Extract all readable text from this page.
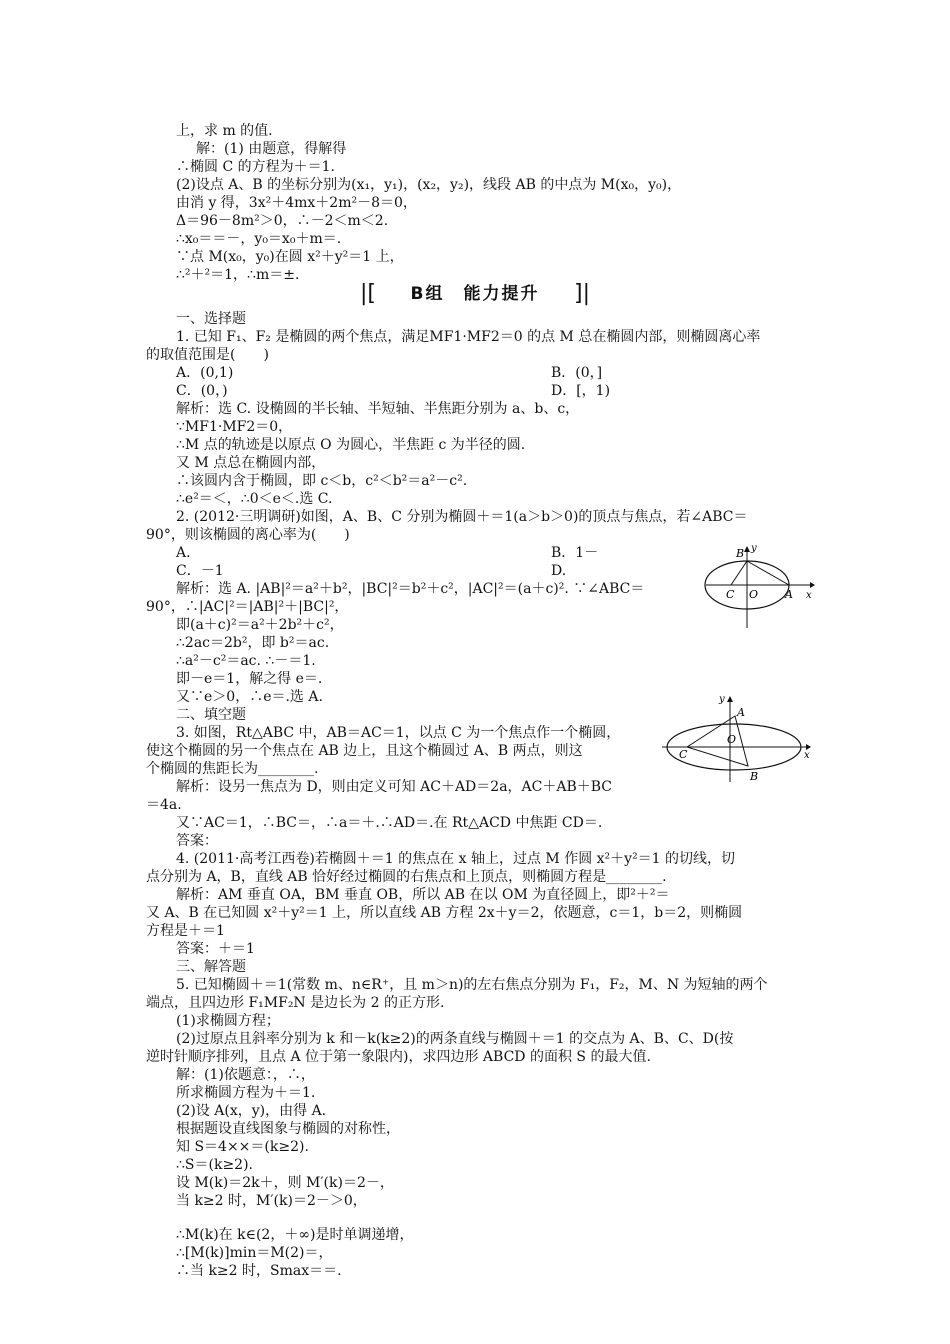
上，求 m 的值.
解：(1) 由题意，得解得
∴椭圆 C 的方程为＋＝1.
(2)设点 A、B 的坐标分别为(x₁，y₁)，(x₂，y₂)，线段 AB 的中点为 M(x₀，y₀)，
由消 y 得，3x²＋4mx＋2m²－8＝0，
Δ＝96－8m²＞0，∴－2＜m＜2.
∴x₀＝＝－，y₀＝x₀＋m＝.
∵点 M(x₀，y₀)在圆 x²＋y²＝1 上，
∴²＋²＝1，∴m＝±.
|[ B组　能力提升 ]|
一、选择题
1. 已知 F₁、F₂ 是椭圆的两个焦点，满足MF1·MF2＝0 的点 M 总在椭圆内部，则椭圆离心率
的取值范围是(　　)
A．(0,1)	B．(0，]
C．(0，)	D．[，1)
解析：选 C. 设椭圆的半长轴、半短轴、半焦距分别为 a、b、c，
∵MF1·MF2＝0，
∴M 点的轨迹是以原点 O 为圆心，半焦距 c 为半径的圆.
又 M 点总在椭圆内部，
∴该圆内含于椭圆，即 c＜b，c²＜b²＝a²－c².
∴e²＝＜，∴0＜e＜.选 C.
2. (2012·三明调研)如图，A、B、C 分别为椭圆＋＝1(a＞b＞0)的顶点与焦点，若∠ABC＝
90°，则该椭圆的离心率为(　　)
A.	B．1－
C．－1	D.
解析：选 A. |AB|²＝a²＋b²，|BC|²＝b²＋c²，|AC|²＝(a＋c)². ∵∠ABC＝
90°，∴|AC|²＝|AB|²＋|BC|²，
即(a＋c)²＝a²＋2b²＋c²，
∴2ac＝2b²，即 b²＝ac.
∴a²－c²＝ac. ∴－＝1.
即－e＝1，解之得 e＝.
又∵e＞0，∴e＝.选 A.
二、填空题
3. 如图，Rt△ABC 中，AB＝AC＝1，以点 C 为一个焦点作一个椭圆，
使这个椭圆的另一个焦点在 AB 边上，且这个椭圆过 A、B 两点，则这
个椭圆的焦距长为________.
解析：设另一焦点为 D，则由定义可知 AC＋AD＝2a，AC＋AB＋BC
＝4a.
又∵AC＝1，∴BC＝，∴a＝＋.∴AD＝.在 Rt△ACD 中焦距 CD＝.
答案：
4. (2011·高考江西卷)若椭圆＋＝1 的焦点在 x 轴上，过点 M 作圆 x²＋y²＝1 的切线，切
点分别为 A，B，直线 AB 恰好经过椭圆的右焦点和上顶点，则椭圆方程是________.
解析：AM 垂直 OA，BM 垂直 OB，所以 AB 在以 OM 为直径圆上，即²＋²＝
又 A、B 在已知圆 x²＋y²＝1 上，所以直线 AB 方程 2x＋y＝2，依题意，c＝1，b＝2，则椭圆
方程是＋＝1
答案：＋＝1
三、解答题
5. 已知椭圆＋＝1(常数 m、n∈R⁺，且 m＞n)的左右焦点分别为 F₁，F₂，M、N 为短轴的两个
端点，且四边形 F₁MF₂N 是边长为 2 的正方形.
(1)求椭圆方程；
(2)过原点且斜率分别为 k 和－k(k≥2)的两条直线与椭圆＋＝1 的交点为 A、B、C、D(按
逆时针顺序排列，且点 A 位于第一象限内)，求四边形 ABCD 的面积 S 的最大值.
解：(1)依题意：，∴，
所求椭圆方程为＋＝1.
(2)设 A(x，y)，由得 A.
根据题设直线图象与椭圆的对称性，
知 S＝4××＝(k≥2).
∴S＝(k≥2).
设 M(k)＝2k＋，则 M′(k)＝2－，
当 k≥2 时，M′(k)＝2－＞0，
∴M(k)在 k∈(2，＋∞)是时单调递增，
∴[M(k)]min＝M(2)＝，
∴当 k≥2 时，Smax＝＝.
B y
C O A x
y
A
O
C
B
x
